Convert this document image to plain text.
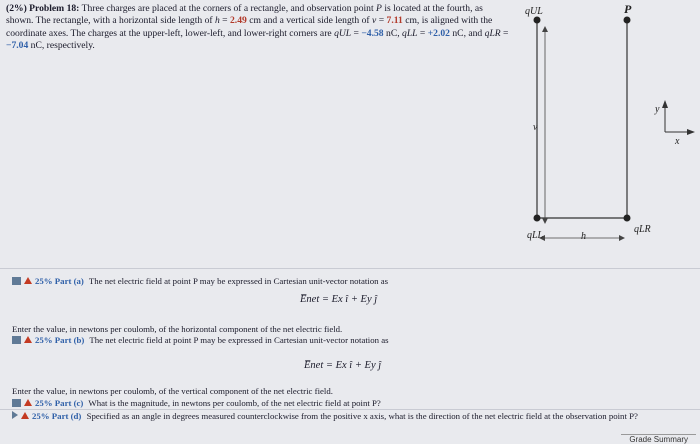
(2%) Problem 18: Three charges are placed at the corners of a rectangle, and observation point P is located at the fourth, as shown. The rectangle, with a horizontal side length of h = 2.49 cm and a vertical side length of v = 7.11 cm, is aligned with the coordinate axes. The charges at the upper-left, lower-left, and lower-right corners are qUL = −4.58 nC, qLL = +2.02 nC, and qLR = −7.04 nC, respectively.
qUL	P
v
h
qLL
qLR
y
x
25% Part (a) The net electric field at point P may be expressed in Cartesian unit-vector notation as
E̅net = Ex î + Ey ĵ
Enter the value, in newtons per coulomb, of the horizontal component of the net electric field.
25% Part (b) The net electric field at point P may be expressed in Cartesian unit-vector notation as
E̅net = Ex î + Ey ĵ
Enter the value, in newtons per coulomb, of the vertical component of the net electric field.
25% Part (c) What is the magnitude, in newtons per coulomb, of the net electric field at point P?
25% Part (d) Specified as an angle in degrees measured counterclockwise from the positive x axis, what is the direction of the net electric field at the observation point P?
Grade Summary
